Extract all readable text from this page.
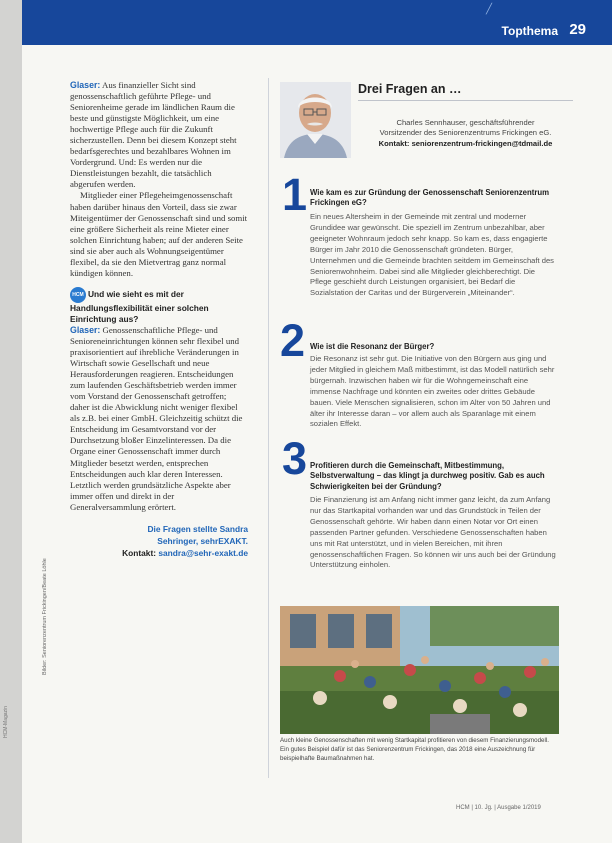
╱
Topthema 29

Glaser: Aus finanzieller Sicht sind genossenschaftlich geführte Pflege- und Seniorenheime gerade im ländlichen Raum die beste und günstigste Möglichkeit, um eine hochwertige Pflege auch für die Zukunft sicherzustellen. Denn bei diesem Konzept steht bedarfsgerechtes und bezahlbares Wohnen im Vordergrund. Und: Es werden nur die Dienstleistungen bezahlt, die tatsächlich abgerufen werden.

Mitglieder einer Pflegeheimgenossenschaft haben darüber hinaus den Vorteil, dass sie zwar Miteigentümer der Genossenschaft sind und somit eine größere Sicherheit als reine Mieter einer solchen Einrichtung haben; auf der anderen Seite sind sie aber auch als Wohnungseigentümer flexibel, da sie den Mietvertrag ganz normal kündigen können.

HCM Und wie sieht es mit der Handlungsflexibilität einer solchen Einrichtung aus?

Glaser: Genossenschaftliche Pflege- und Senioreneinrichtungen können sehr flexibel und praxisorientiert auf ihrebliche Veränderungen in Wirtschaft sowie Gesellschaft und neue Herausforderungen reagieren. Entscheidungen zum laufenden Geschäftsbetrieb werden immer vom Vorstand der Genossenschaft getroffen; daher ist die Abwicklung nicht weniger flexibel als z.B. bei einer GmbH. Gleichzeitig schützt die Entscheidung im Gesamtvorstand vor der Durchsetzung bloßer Einzelinteressen. Da die Organe einer Genossenschaft immer durch Mitglieder besetzt werden, entsprechen Entscheidungen auch klar deren Interessen. Letztlich werden grundsätzliche Aspekte aber immer offen und direkt in der Generalversammlung erörtert.

Die Fragen stellte Sandra
Sehringer, sehrEXAKT.
Kontakt: sandra@sehr-exakt.de
Bilder: Seniorenzentrum Frickingen/Beate Löhle
HCM-Magazin
Drei Fragen an …
Charles Sennhauser, geschäftsführender
Vorsitzender des Seniorenzentrums Frickingen eG.
Kontakt: seniorenzentrum-frickingen@tdmail.de
1 Wie kam es zur Gründung der Genossenschaft Seniorenzentrum Frickingen eG?
Ein neues Altersheim in der Gemeinde mit zentral und moderner Grundidee war gewünscht. Die speziell im Zentrum unbezahlbar, aber geeigneter Wohnraum jedoch sehr knapp. So kam es, dass engagierte Bürger im Jahr 2010 die Genossenschaft gründeten. Bürger, Unternehmen und die Gemeinde brachten seitdem im Gemeinschaft des Seniorenwohnheim. Dabei sind alle Mitglieder gleichberechtigt. Die Pflege geschieht durch Leistungen organisiert, bei Bedarf die Sozialstation der Caritas und der Bürgerverein „Miteinander“.
2 Wie ist die Resonanz der Bürger?
Die Resonanz ist sehr gut. Die Initiative von den Bürgern aus ging und jeder Mitglied in gleichem Maß mitbestimmt, ist das Modell natürlich sehr bürgernah. Inzwischen haben wir für die Wohngemeinschaft eine immense Nachfrage und könnten ein zweites oder drittes Gebäude bauen. Viele Menschen signalisieren, schon im Alter von 50 Jahren und älter ihr Interesse daran – vor allem auch als Sparanlage mit einem sozialen Effekt.
3 Profitieren durch die Gemeinschaft, Mitbestimmung, Selbstverwaltung – das klingt ja durchweg positiv. Gab es auch Schwierigkeiten bei der Gründung?
Die Finanzierung ist am Anfang nicht immer ganz leicht, da zum Anfang nur das Startkapital vorhanden war und das Grundstück in Teilen der Genossenschaft gehörte. Wir haben dann einen Notar vor Ort einen passenden Partner gefunden. Verschiedene Genossenschaften haben uns mit Rat unterstützt, und in vielen Bereichen, mit ihren genossenschaftlichen Fragen. So können wir uns auch bei der Gründung Unterstützung einholen.
Auch kleine Genossenschaften mit wenig Startkapital profitieren von diesem Finanzierungsmodell. Ein gutes Beispiel dafür ist das Seniorenzentrum Frickingen, das 2018 eine Auszeichnung für beispielhafte Baumaßnahmen hat.
HCM | 10. Jg. | Ausgabe 1/2019
